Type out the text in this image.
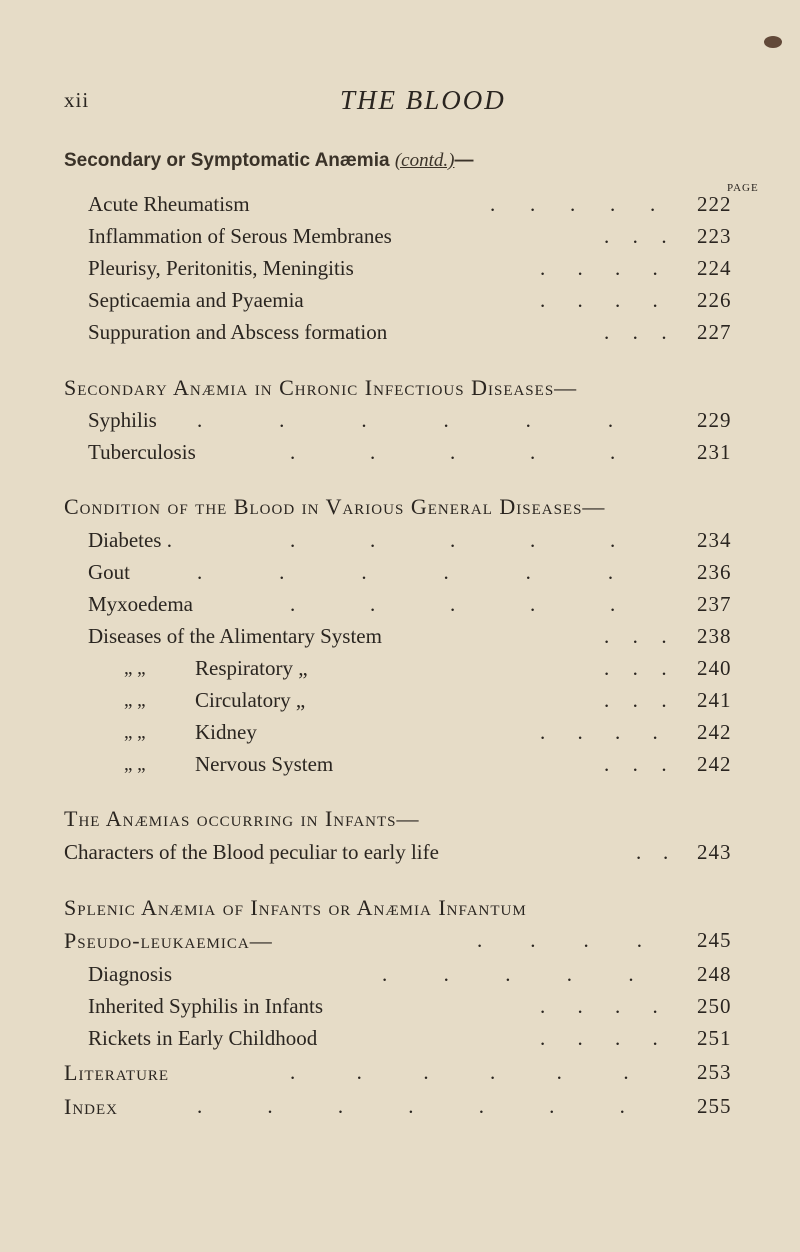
xii	THE BLOOD
Secondary or Symptomatic Anæmia (contd.)—
PAGE
Acute Rheumatism	. . . . . 222
Inflammation of Serous Membranes	. . . 223
Pleurisy, Peritonitis, Meningitis	. . . . 224
Septicaemia and Pyaemia	. . . . 226
Suppuration and Abscess formation	. . . 227
Secondary Anæmia in Chronic Infectious Diseases—
Syphilis .	.	.	.	.	.	229
Tuberculosis	.	.	.	.	.	231
Condition of the Blood in Various General Diseases—
Diabetes .	.	.	.	.	.	234
Gout	.	.	.	.	.	.	236
Myxoedema	.	.	.	.	.	237
Diseases of the Alimentary System	. . . 238
„ „ Respiratory „	. . . 240
„ „ Circulatory „	. . . 241
„ „ Kidney	. . . . 242
„ „ Nervous System	. . . 242
The Anæmias occurring in Infants—
Characters of the Blood peculiar to early life	. . 243
Splenic Anæmia of Infants or Anæmia Infantum
Pseudo-leukaemica—	. . . .	245
Diagnosis	.	.	.	.	.	248
Inherited Syphilis in Infants	. . . . 250
Rickets in Early Childhood	. . . . 251
Literature	.	.	.	.	.	.	253
Index	.	.	.	.	.	.	.	255
